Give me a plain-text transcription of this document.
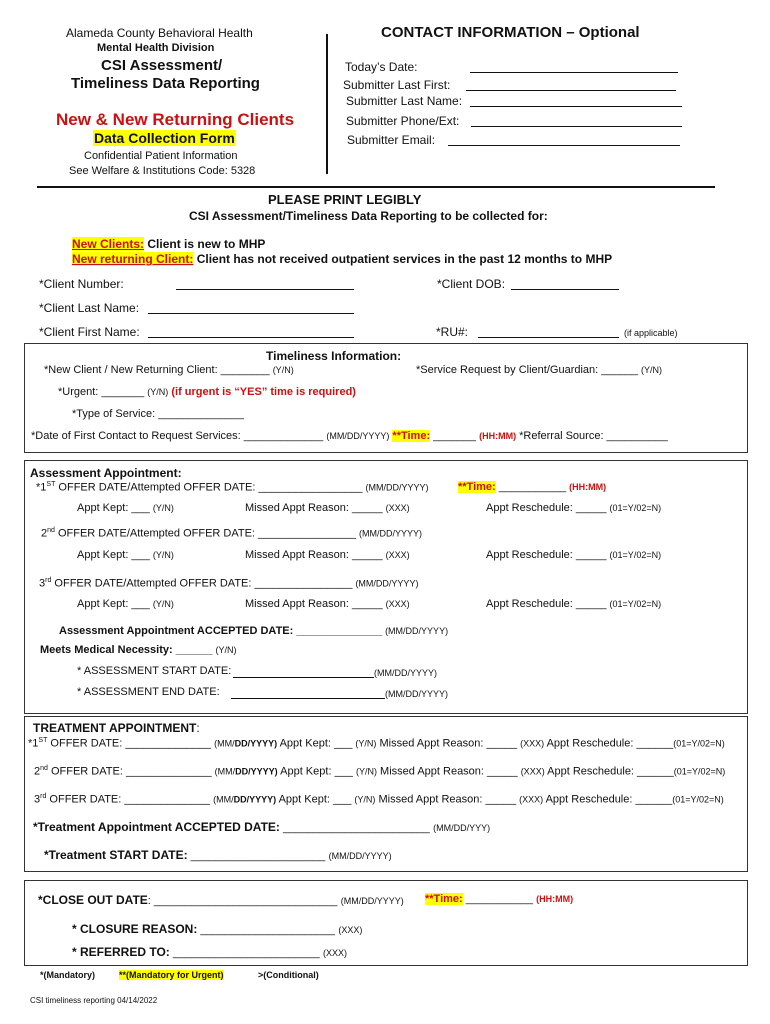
Alameda County Behavioral Health
Mental Health Division
CSI Assessment/
Timeliness Data Reporting
New & New Returning Clients
Data Collection Form
Confidential Patient Information
See Welfare & Institutions Code: 5328
CONTACT INFORMATION – Optional
Today’s Date:
Submitter Last First:
Submitter Last Name:
Submitter Phone/Ext:
Submitter Email:
PLEASE PRINT LEGIBLY
CSI Assessment/Timeliness Data Reporting to be collected for:
New Clients: Client is new to MHP
New returning Client: Client has not received outpatient services in the past 12 months to MHP
*Client Number:	*Client DOB:
*Client Last Name:
*Client First Name:	*RU#:	(if applicable)
Timeliness Information:
*New Client / New Returning Client: ________ (Y/N)	*Service Request by Client/Guardian: ______ (Y/N)
*Urgent: _______ (Y/N) (if urgent is “YES” time is required)
*Type of Service: ______________
*Date of First Contact to Request Services: _____________ (MM/DD/YYYY) **Time: _______ (HH:MM) *Referral Source: __________
Assessment Appointment:
*1ST OFFER DATE/Attempted OFFER DATE: _________________ (MM/DD/YYYY)	**Time: ___________ (HH:MM)
Appt Kept: ___ (Y/N)	Missed Appt Reason: _____ (XXX)	Appt Reschedule: _____ (01=Y/02=N)
2nd OFFER DATE/Attempted OFFER DATE: ________________ (MM/DD/YYYY)
Appt Kept: ___ (Y/N)	Missed Appt Reason: _____ (XXX)	Appt Reschedule: _____ (01=Y/02=N)
3rd OFFER DATE/Attempted OFFER DATE: ________________ (MM/DD/YYYY)
Appt Kept: ___ (Y/N)	Missed Appt Reason: _____ (XXX)	Appt Reschedule: _____ (01=Y/02=N)
Assessment Appointment ACCEPTED DATE: ______________ (MM/DD/YYYY)
Meets Medical Necessity: ______ (Y/N)
* ASSESSMENT START DATE:	(MM/DD/YYYY)
* ASSESSMENT END DATE:	(MM/DD/YYYY)
TREATMENT APPOINTMENT:
*1ST OFFER DATE: ______________ (MM/DD/YYYY) Appt Kept: ___ (Y/N) Missed Appt Reason: _____ (XXX) Appt Reschedule: ______(01=Y/02=N)
2nd OFFER DATE: ______________ (MM/DD/YYYY) Appt Kept: ___ (Y/N) Missed Appt Reason: _____ (XXX) Appt Reschedule: ______(01=Y/02=N)
3rd OFFER DATE: ______________ (MM/DD/YYYY) Appt Kept: ___ (Y/N) Missed Appt Reason: _____ (XXX) Appt Reschedule: ______(01=Y/02=N)
*Treatment Appointment ACCEPTED DATE: ________________________ (MM/DD/YYY)
*Treatment START DATE: ______________________ (MM/DD/YYYY)
*CLOSE OUT DATE: ______________________________ (MM/DD/YYYY) **Time: ___________ (HH:MM)
* CLOSURE REASON: ______________________ (XXX)
* REFERRED TO: ________________________ (XXX)
*(Mandatory)	**(Mandatory for Urgent)	>(Conditional)
CSI timeliness reporting 04/14/2022
